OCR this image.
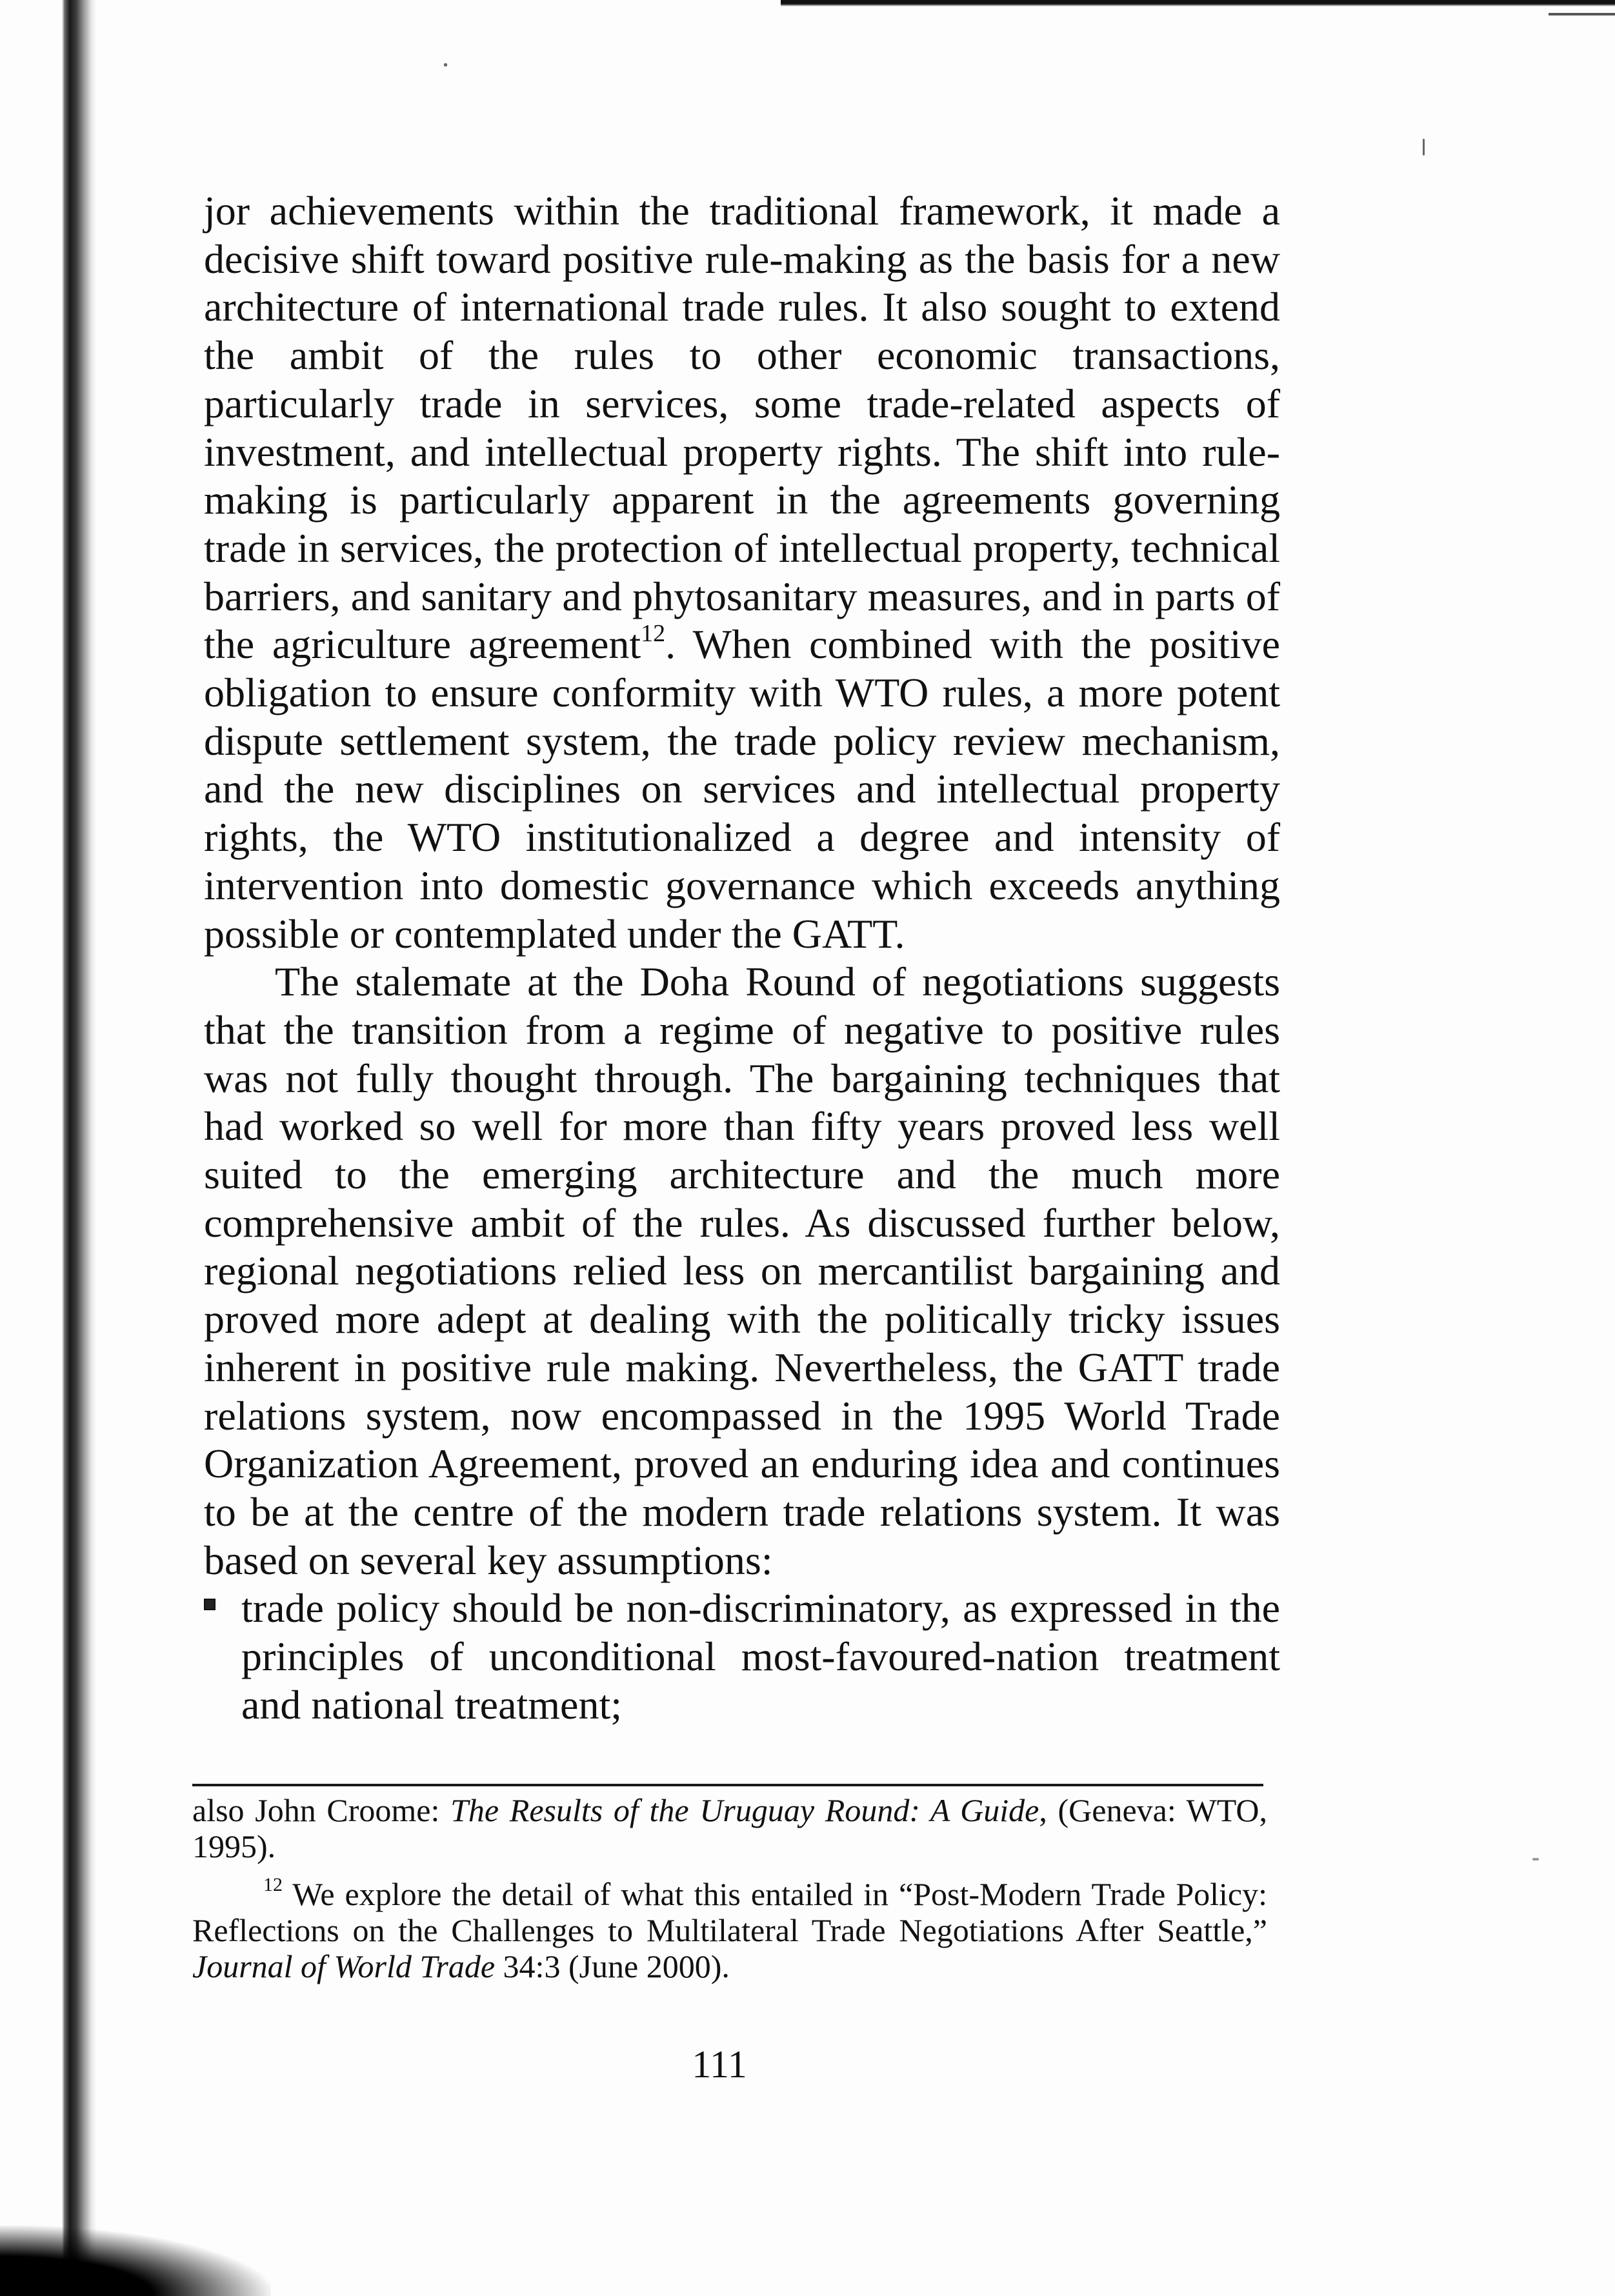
jor achievements within the traditional framework, it made a decisive shift toward positive rule-making as the basis for a new architecture of international trade rules. It also sought to extend the ambit of the rules to other economic transactions, particularly trade in services, some trade-related aspects of investment, and intellectual property rights. The shift into rule-making is particularly apparent in the agreements governing trade in services, the protection of intellectual property, technical barriers, and sanitary and phytosanitary measures, and in parts of the agriculture agreement$^{12}$. When combined with the positive obligation to ensure conformity with WTO rules, a more potent dispute settlement system, the trade policy review mechanism, and the new disciplines on services and intellectual property rights, the WTO institutionalized a degree and intensity of intervention into domestic governance which exceeds anything possible or contemplated under the GATT.

The stalemate at the Doha Round of negotiations suggests that the transition from a regime of negative to positive rules was not fully thought through. The bargaining techniques that had worked so well for more than fifty years proved less well suited to the emerging architecture and the much more comprehensive ambit of the rules. As discussed further below, regional negotiations relied less on mercantilist bargaining and proved more adept at dealing with the politically tricky issues inherent in positive rule making. Nevertheless, the GATT trade relations system, now encompassed in the 1995 World Trade Organization Agreement, proved an enduring idea and continues to be at the centre of the modern trade relations system. It was based on several key assumptions:

trade policy should be non-discriminatory, as expressed in the principles of unconditional most-favoured-nation treatment and national treatment;

also John Croome: The Results of the Uruguay Round: A Guide, (Geneva: WTO, 1995).

$^{12}$ We explore the detail of what this entailed in “Post-Modern Trade Policy: Reflections on the Challenges to Multilateral Trade Negotiations After Seattle,” Journal of World Trade 34:3 (June 2000).

111
